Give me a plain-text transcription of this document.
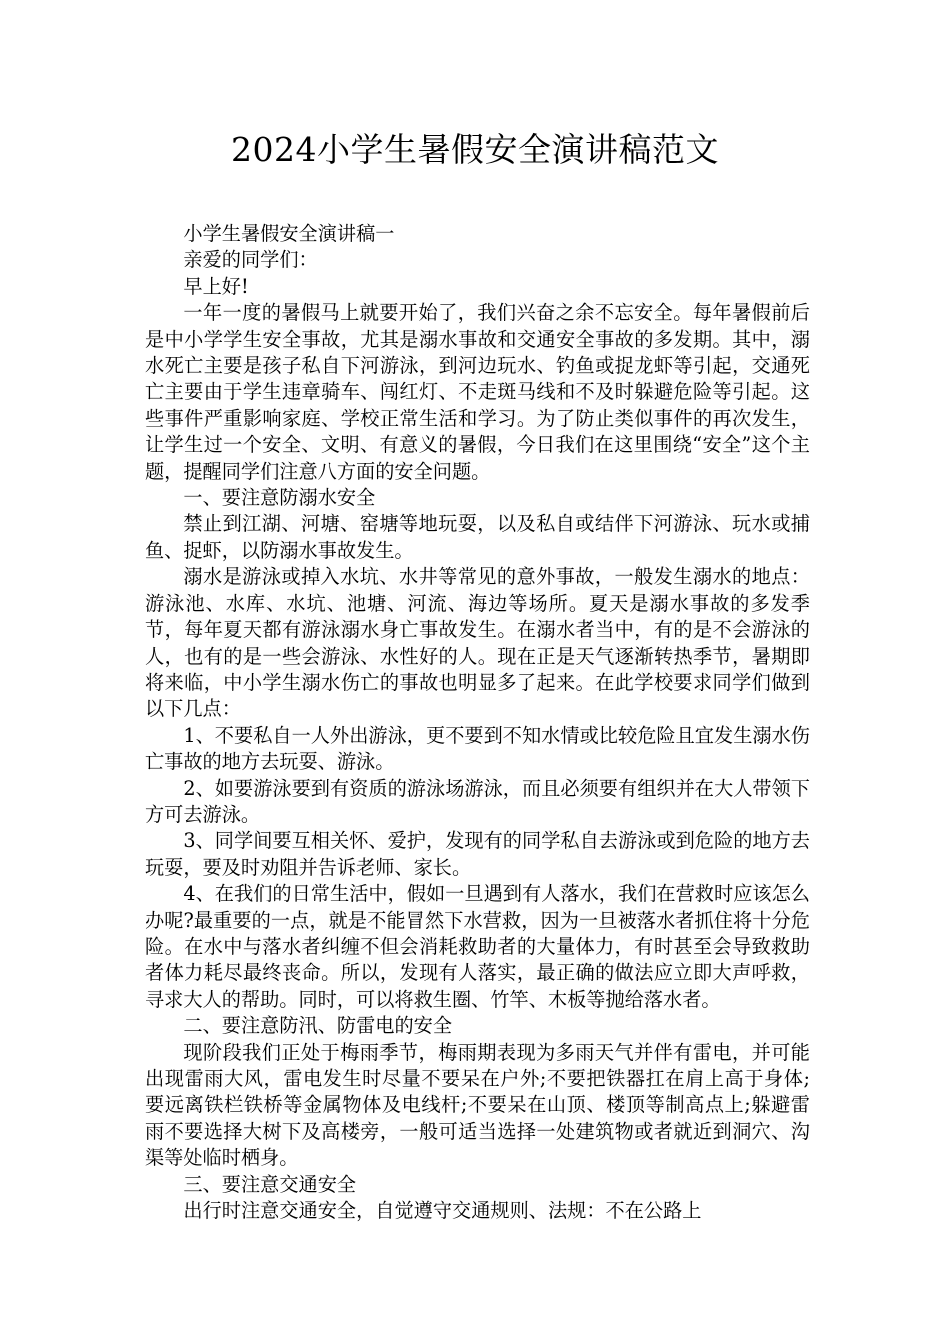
2024小学生暑假安全演讲稿范文

小学生暑假安全演讲稿一

亲爱的同学们：

早上好!

一年一度的暑假马上就要开始了，我们兴奋之余不忘安全。每年暑假前后是中小学学生安全事故，尤其是溺水事故和交通安全事故的多发期。其中，溺水死亡主要是孩子私自下河游泳，到河边玩水、钓鱼或捉龙虾等引起，交通死亡主要由于学生违章骑车、闯红灯、不走斑马线和不及时躲避危险等引起。这些事件严重影响家庭、学校正常生活和学习。为了防止类似事件的再次发生，让学生过一个安全、文明、有意义的暑假，今日我们在这里围绕“安全”这个主题，提醒同学们注意八方面的安全问题。

一、要注意防溺水安全

禁止到江湖、河塘、窑塘等地玩耍，以及私自或结伴下河游泳、玩水或捕鱼、捉虾，以防溺水事故发生。

溺水是游泳或掉入水坑、水井等常见的意外事故，一般发生溺水的地点：游泳池、水库、水坑、池塘、河流、海边等场所。夏天是溺水事故的多发季节，每年夏天都有游泳溺水身亡事故发生。在溺水者当中，有的是不会游泳的人，也有的是一些会游泳、水性好的人。现在正是天气逐渐转热季节，暑期即将来临，中小学生溺水伤亡的事故也明显多了起来。在此学校要求同学们做到以下几点：

1、不要私自一人外出游泳，更不要到不知水情或比较危险且宜发生溺水伤亡事故的地方去玩耍、游泳。

2、如要游泳要到有资质的游泳场游泳，而且必须要有组织并在大人带领下方可去游泳。

3、同学间要互相关怀、爱护，发现有的同学私自去游泳或到危险的地方去玩耍，要及时劝阻并告诉老师、家长。

4、在我们的日常生活中，假如一旦遇到有人落水，我们在营救时应该怎么办呢?最重要的一点，就是不能冒然下水营救，因为一旦被落水者抓住将十分危险。在水中与落水者纠缠不但会消耗救助者的大量体力，有时甚至会导致救助者体力耗尽最终丧命。所以，发现有人落实，最正确的做法应立即大声呼救，寻求大人的帮助。同时，可以将救生圈、竹竿、木板等抛给落水者。

二、要注意防汛、防雷电的安全

现阶段我们正处于梅雨季节，梅雨期表现为多雨天气并伴有雷电，并可能出现雷雨大风，雷电发生时尽量不要呆在户外;不要把铁器扛在肩上高于身体;要远离铁栏铁桥等金属物体及电线杆;不要呆在山顶、楼顶等制高点上;躲避雷雨不要选择大树下及高楼旁，一般可适当选择一处建筑物或者就近到洞穴、沟渠等处临时栖身。

三、要注意交通安全

出行时注意交通安全，自觉遵守交通规则、法规：不在公路上
